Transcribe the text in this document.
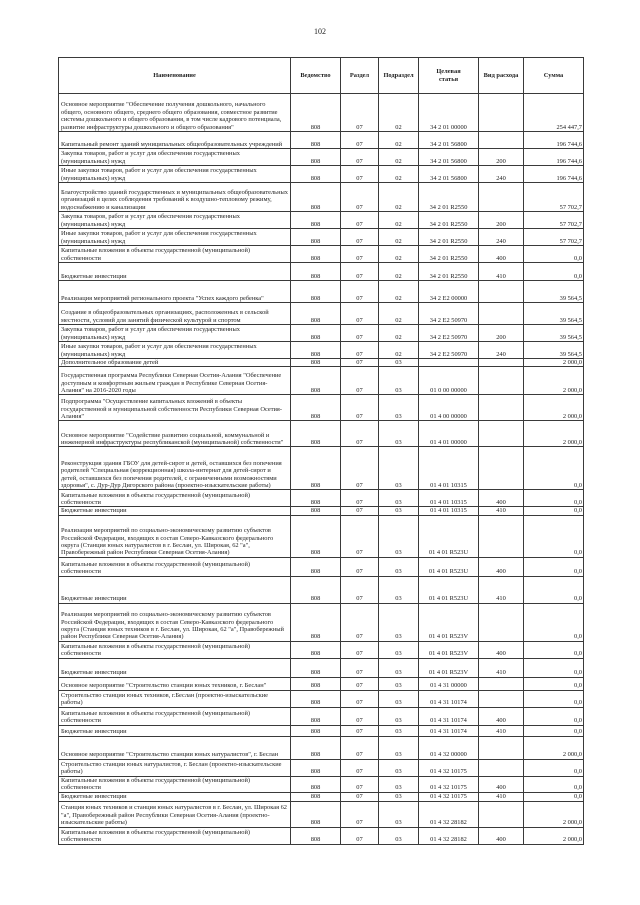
102
Наименование	Ведомство	Раздел	Подраздел	Целевая статья	Вид расхода	Сумма
Основное мероприятие "Обеспечение получения дошкольного, начального общего, основного общего, среднего общего образования, совместное развитие системы дошкольного и общего образования, в том числе кадрового потенциала, развитие инфраструктуры дошкольного и общего образования"	808	07	02	34 2 01 00000		254 447,7
Капитальный ремонт зданий муниципальных общеобразовательных учреждений	808	07	02	34 2 01 56800		196 744,6
Закупка товаров, работ и услуг для обеспечения государственных (муниципальных) нужд	808	07	02	34 2 01 56800	200	196 744,6
Иные закупки товаров, работ и услуг для обеспечения государственных (муниципальных) нужд	808	07	02	34 2 01 56800	240	196 744,6
Благоустройство зданий государственных и муниципальных общеобразовательных организаций в целях соблюдения требований к воздушно-тепловому режиму, водоснабжению и канализации	808	07	02	34 2 01 R2550		57 702,7
Закупка товаров, работ и услуг для обеспечения государственных (муниципальных) нужд	808	07	02	34 2 01 R2550	200	57 702,7
Иные закупки товаров, работ и услуг для обеспечения государственных (муниципальных) нужд	808	07	02	34 2 01 R2550	240	57 702,7
Капитальные вложения в объекты государственной (муниципальной) собственности	808	07	02	34 2 01 R2550	400	0,0
Бюджетные инвестиции	808	07	02	34 2 01 R2550	410	0,0
Реализация мероприятий регионального проекта "Успех каждого ребенка"	808	07	02	34 2 E2 00000		39 564,5
Создание в общеобразовательных организациях, расположенных в сельской местности, условий для занятий физической культурой и спортом	808	07	02	34 2 E2 50970		39 564,5
Закупка товаров, работ и услуг для обеспечения государственных (муниципальных) нужд	808	07	02	34 2 E2 50970	200	39 564,5
Иные закупки товаров, работ и услуг для обеспечения государственных (муниципальных) нужд	808	07	02	34 2 E2 50970	240	39 564,5
Дополнительное образование детей	808	07	03			2 000,0
Государственная программа Республики Северная Осетия-Алания "Обеспечение доступным и комфортным жильем граждан в Республике Северная Осетия-Алания" на 2016-2020 годы	808	07	03	01 0 00 00000		2 000,0
Подпрограмма "Осуществление капитальных вложений в объекты государственной и муниципальной собственности Республики Северная Осетия-Алания"	808	07	03	01 4 00 00000		2 000,0
Основное мероприятие "Содействие развитию социальной, коммунальной и инженерной инфраструктуры республиканской (муниципальной) собственности"	808	07	03	01 4 01 00000		2 000,0
Реконструкция здания ГБОУ для детей-сирот и детей, оставшихся без попечения родителей "Специальная (коррекционная) школа-интернат для детей-сирот и детей, оставшихся без попечения родителей, с ограниченными возможностями здоровья", с. Дур-Дур Дигорского района (проектно-изыскательские работы)	808	07	03	01 4 01 10315		0,0
Капитальные вложения в объекты государственной (муниципальной) собственности	808	07	03	01 4 01 10315	400	0,0
Бюджетные инвестиции	808	07	03	01 4 01 10315	410	0,0
Реализация мероприятий по социально-экономическому развитию субъектов Российской Федерации, входящих в состав Северо-Кавказского федерального округа (Станция юных натуралистов в г. Беслан, ул. Широкая, 62 "а", Правобережный район Республики Северная Осетия-Алания)	808	07	03	01 4 01 R523U		0,0
Капитальные вложения в объекты государственной (муниципальной) собственности	808	07	03	01 4 01 R523U	400	0,0
Бюджетные инвестиции	808	07	03	01 4 01 R523U	410	0,0
Реализация мероприятий по социально-экономическому развитию субъектов Российской Федерации, входящих в состав Северо-Кавказского федерального округа (Станция юных техников в г. Беслан, ул. Широкая, 62 "а", Правобережный район Республики Северная Осетия-Алания)	808	07	03	01 4 01 R523V		0,0
Капитальные вложения в объекты государственной (муниципальной) собственности	808	07	03	01 4 01 R523V	400	0,0
Бюджетные инвестиции	808	07	03	01 4 01 R523V	410	0,0
Основное мероприятие "Строительство станции юных техников, г. Беслан"	808	07	03	01 4 31 00000		0,0
Строительство станции юных техников, г.Беслан (проектно-изыскательские работы)	808	07	03	01 4 31 10174		0,0
Капитальные вложения в объекты государственной (муниципальной) собственности	808	07	03	01 4 31 10174	400	0,0
Бюджетные инвестиции	808	07	03	01 4 31 10174	410	0,0
Основное мероприятие "Строительство станции юных натуралистов", г. Беслан	808	07	03	01 4 32 00000		2 000,0
Строительство станции юных натуралистов, г. Беслан (проектно-изыскательские работы)	808	07	03	01 4 32 10175		0,0
Капитальные вложения в объекты государственной (муниципальной) собственности	808	07	03	01 4 32 10175	400	0,0
Бюджетные инвестиции	808	07	03	01 4 32 10175	410	0,0
Станция юных техников и станция юных натуралистов в г. Беслан, ул. Широкая 62 "а", Правобережный район Республики Северная Осетия-Алания (проектно-изыскательские работы)	808	07	03	01 4 32 28182		2 000,0
Капитальные вложения в объекты государственной (муниципальной) собственности	808	07	03	01 4 32 28182	400	2 000,0
